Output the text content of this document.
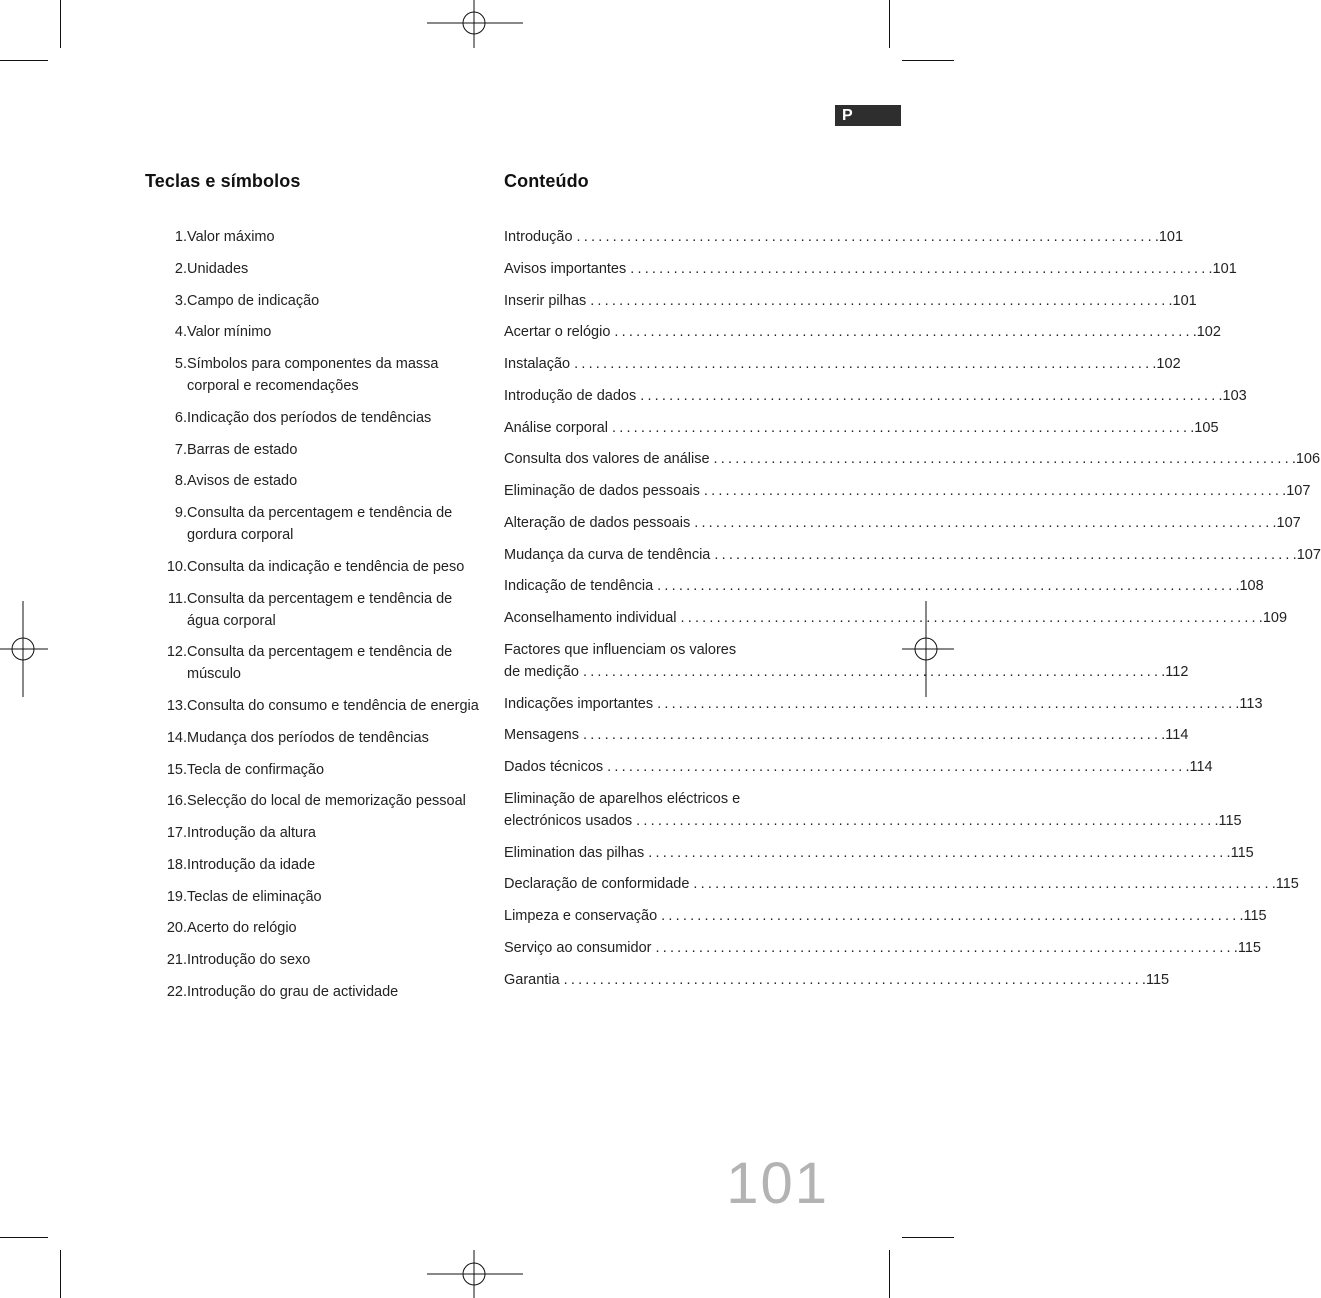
P
Teclas e símbolos	Conteúdo
1. Valor máximo
2. Unidades
3. Campo de indicação
4. Valor mínimo
5. Símbolos para componentes da massa corporal e recomendações
6. Indicação dos períodos de tendências
7. Barras de estado
8. Avisos de estado
9. Consulta da percentagem e tendência de gordura corporal
10. Consulta da indicação e tendência de peso
11. Consulta da percentagem e tendência de água corporal
12. Consulta da percentagem e tendência de músculo
13. Consulta do consumo e tendência de energia
14. Mudança dos períodos de tendências
15. Tecla de confirmação
16. Selecção do local de memorização pessoal
17. Introdução da altura
18. Introdução da idade
19. Teclas de eliminação
20. Acerto do relógio
21. Introdução do sexo
22. Introdução do grau de actividade
Introdução ................................................................................ .101
Avisos importantes ................................................................................ .101
Inserir pilhas ................................................................................ .101
Acertar o relógio ................................................................................ .102
Instalação ................................................................................ .102
Introdução de dados ................................................................................ .103
Análise corporal ................................................................................ .105
Consulta dos valores de análise ................................................................................ .106
Eliminação de dados pessoais ................................................................................ .107
Alteração de dados pessoais ................................................................................ .107
Mudança da curva de tendência ................................................................................ .107
Indicação de tendência ................................................................................ .108
Aconselhamento individual ................................................................................ .109
Factores que influenciam os valores
de medição ................................................................................ .112
Indicações importantes ................................................................................ .113
Mensagens ................................................................................ .114
Dados técnicos ................................................................................ .114
Eliminação de aparelhos eléctricos e
electrónicos usados ................................................................................ .115
Elimination das pilhas ................................................................................ .115
Declaração de conformidade ................................................................................ .115
Limpeza e conservação ................................................................................ .115
Serviço ao consumidor ................................................................................ .115
Garantia ................................................................................ .115
101
